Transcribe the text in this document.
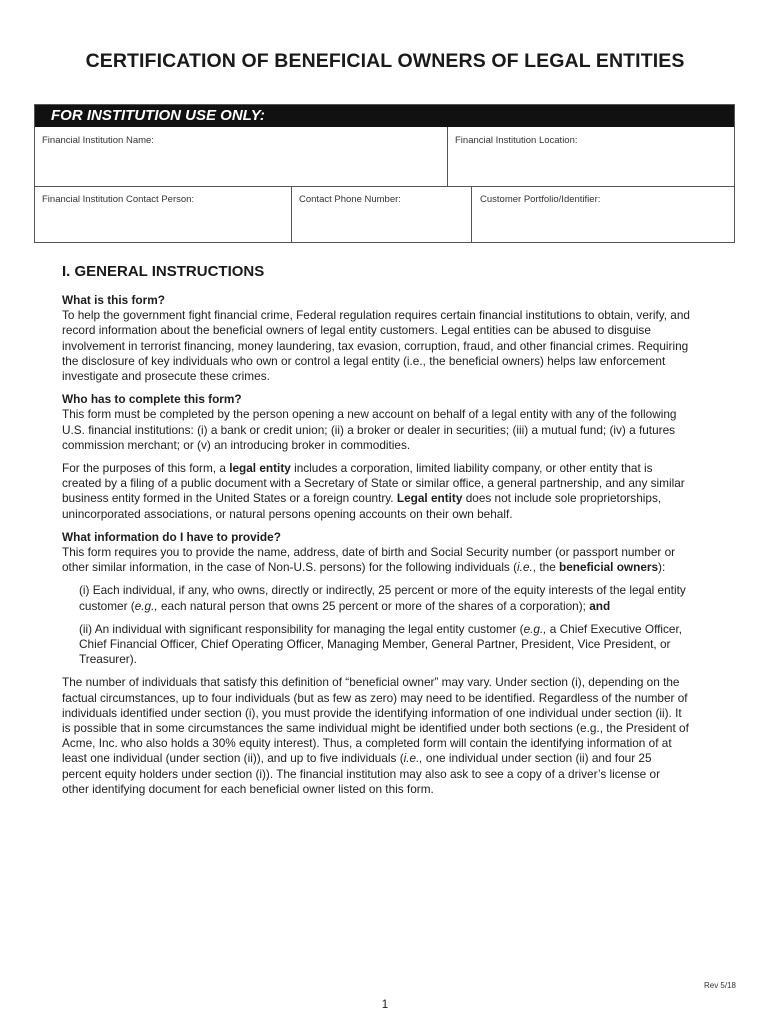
CERTIFICATION OF BENEFICIAL OWNERS OF LEGAL ENTITIES
FOR INSTITUTION USE ONLY:
Financial Institution Name:	Financial Institution Location:
Financial Institution Contact Person:	Contact Phone Number:	Customer Portfolio/Identifier:
I. GENERAL INSTRUCTIONS

What is this form?

To help the government fight financial crime, Federal regulation requires certain financial institutions to obtain, verify, and record information about the beneficial owners of legal entity customers. Legal entities can be abused to disguise involvement in terrorist financing, money laundering, tax evasion, corruption, fraud, and other financial crimes. Requiring the disclosure of key individuals who own or control a legal entity (i.e., the beneficial owners) helps law enforcement investigate and prosecute these crimes.

Who has to complete this form?

This form must be completed by the person opening a new account on behalf of a legal entity with any of the following U.S. financial institutions: (i) a bank or credit union; (ii) a broker or dealer in securities; (iii) a mutual fund; (iv) a futures commission merchant; or (v) an introducing broker in commodities.

For the purposes of this form, a legal entity includes a corporation, limited liability company, or other entity that is created by a filing of a public document with a Secretary of State or similar office, a general partnership, and any similar business entity formed in the United States or a foreign country. Legal entity does not include sole proprietorships, unincorporated associations, or natural persons opening accounts on their own behalf.

What information do I have to provide?

This form requires you to provide the name, address, date of birth and Social Security number (or passport number or other similar information, in the case of Non-U.S. persons) for the following individuals (i.e., the beneficial owners):

(i) Each individual, if any, who owns, directly or indirectly, 25 percent or more of the equity interests of the legal entity customer (e.g., each natural person that owns 25 percent or more of the shares of a corporation); and

(ii) An individual with significant responsibility for managing the legal entity customer (e.g., a Chief Executive Officer, Chief Financial Officer, Chief Operating Officer, Managing Member, General Partner, President, Vice President, or Treasurer).

The number of individuals that satisfy this definition of “beneficial owner” may vary. Under section (i), depending on the factual circumstances, up to four individuals (but as few as zero) may need to be identified. Regardless of the number of individuals identified under section (i), you must provide the identifying information of one individual under section (ii). It is possible that in some circumstances the same individual might be identified under both sections (e.g., the President of Acme, Inc. who also holds a 30% equity interest). Thus, a completed form will contain the identifying information of at least one individual (under section (ii)), and up to five individuals (i.e., one individual under section (ii) and four 25 percent equity holders under section (i)). The financial institution may also ask to see a copy of a driver’s license or other identifying document for each beneficial owner listed on this form.

Rev 5/18
1
